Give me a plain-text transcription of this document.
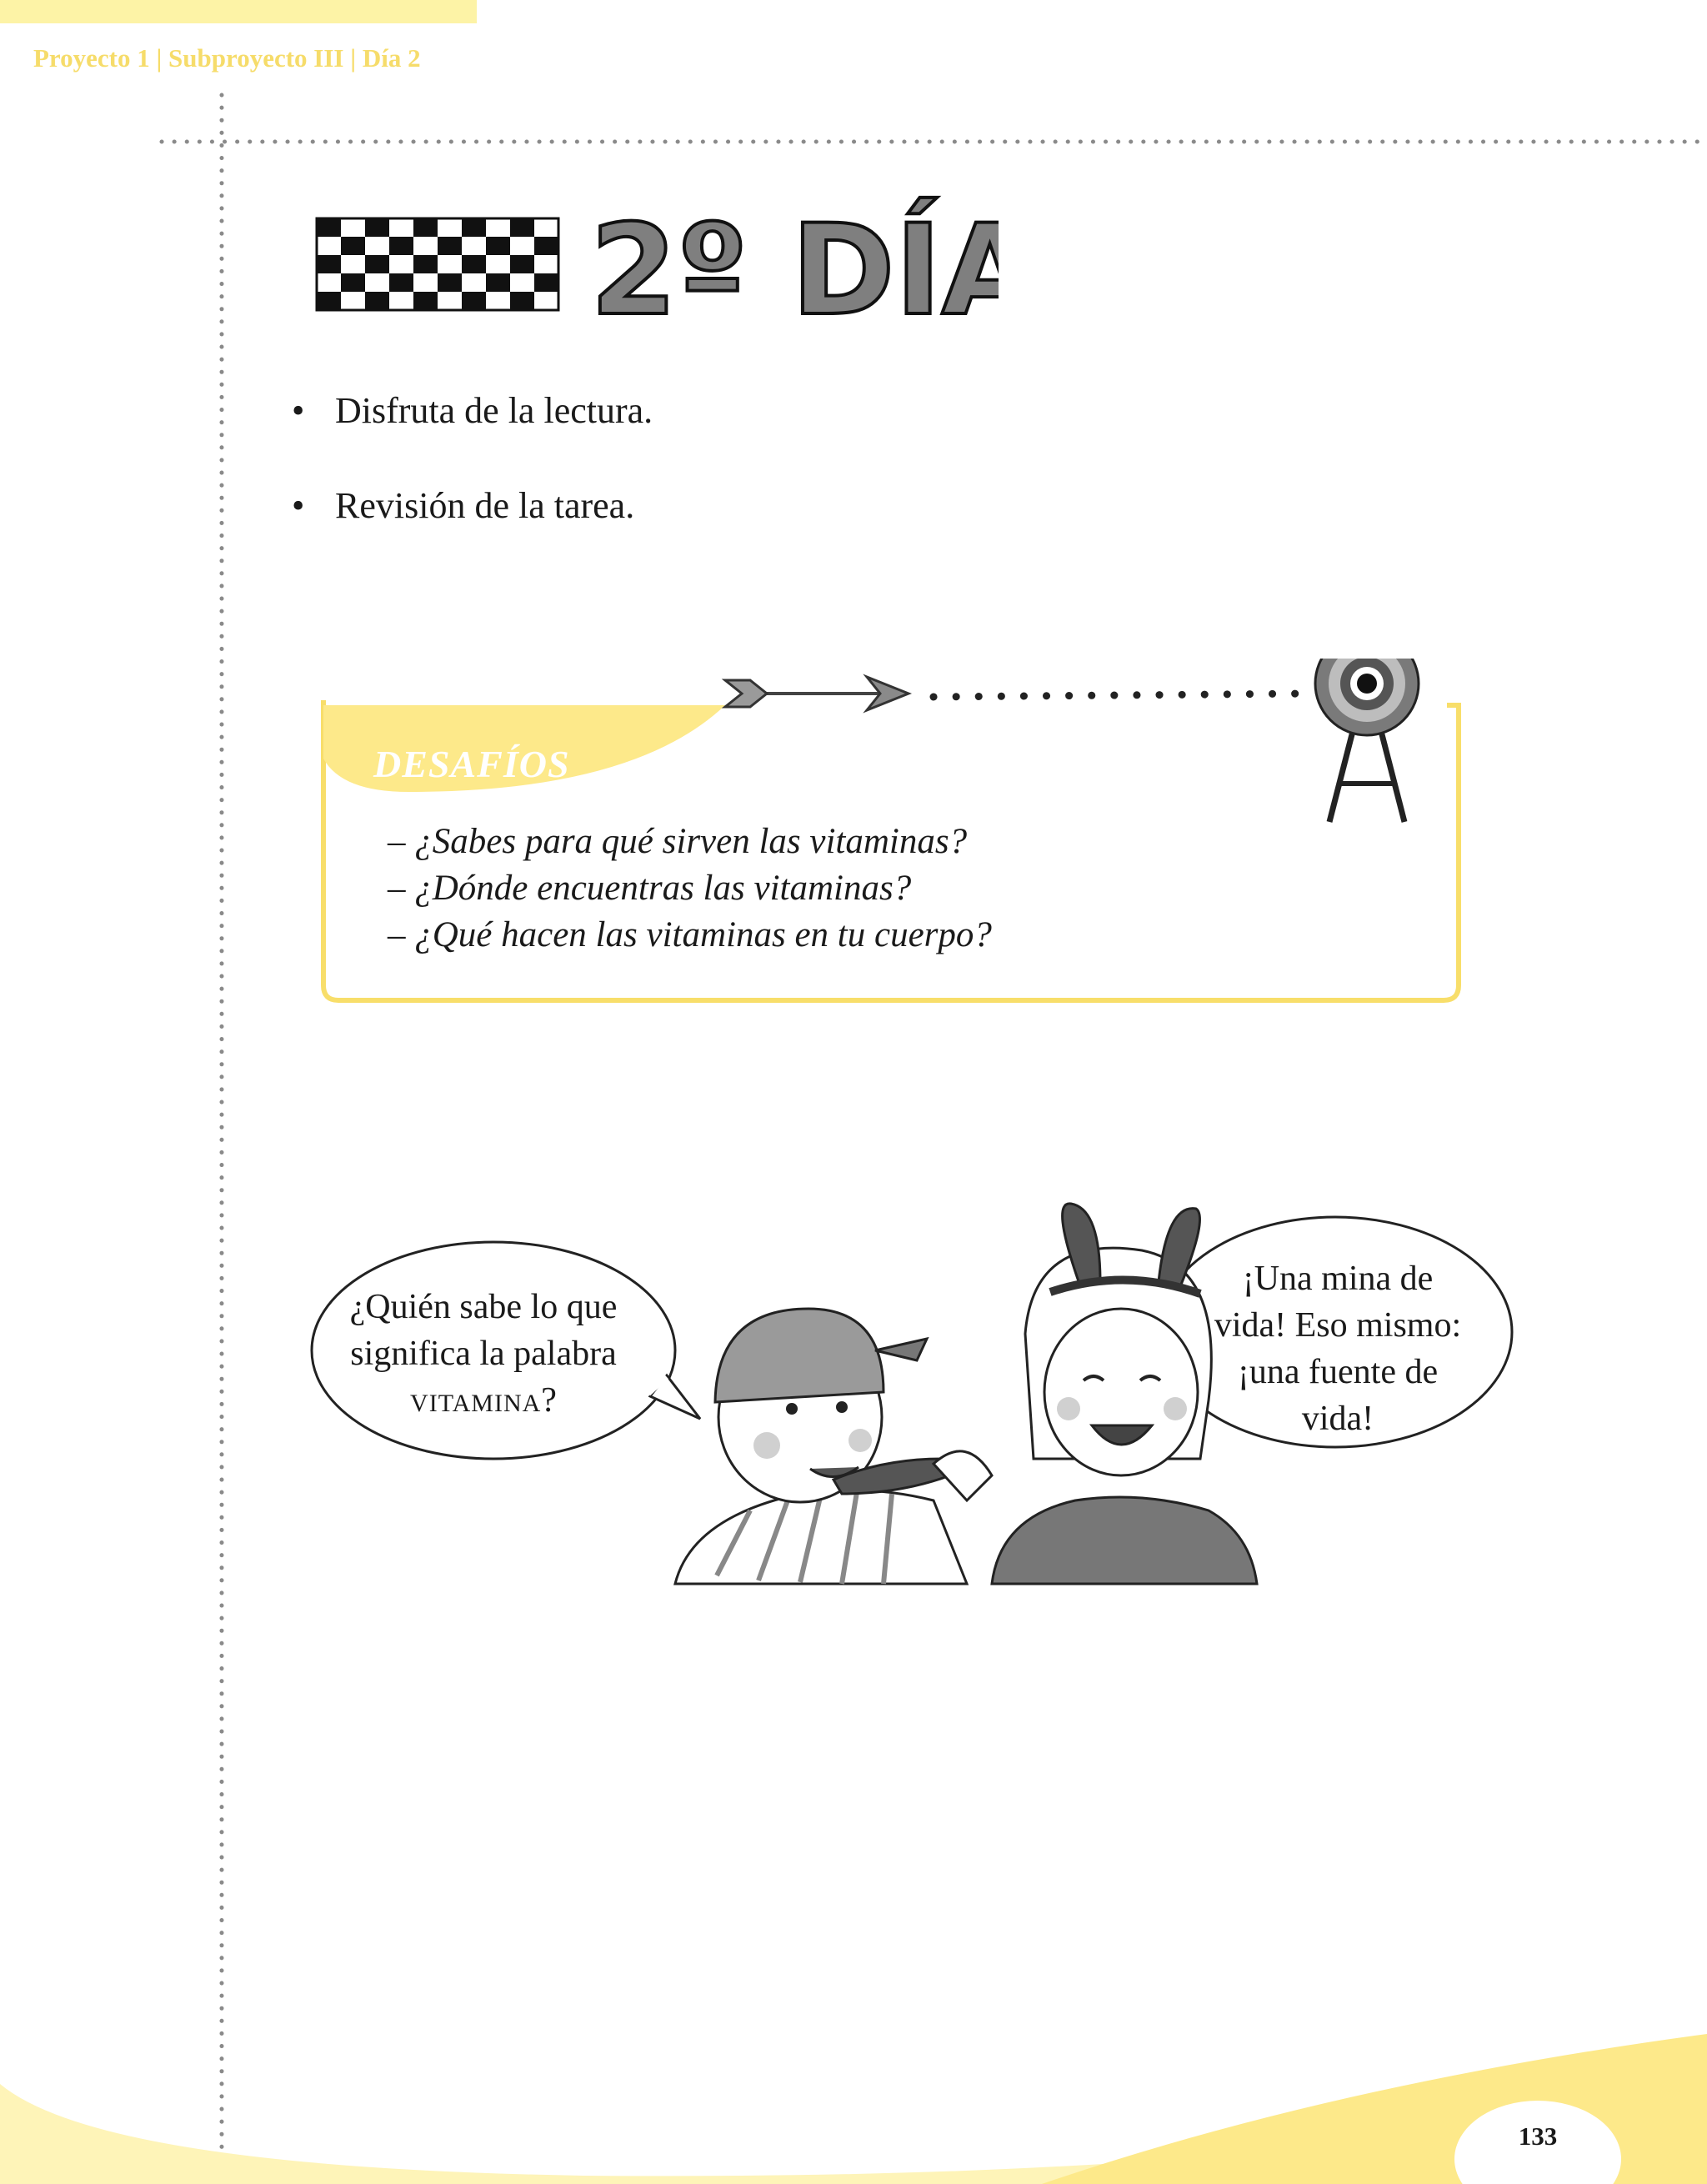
Proyecto 1 | Subproyecto III | Día 2
2º DÍA
• Disfruta de la lectura.
• Revisión de la tarea.
DESAFÍOS
– ¿Sabes para qué sirven las vitaminas?
– ¿Dónde encuentras las vitaminas?
– ¿Qué hacen las vitaminas en tu cuerpo?
¿Quién sabe lo que
significa la palabra
VITAMINA?
¡Una mina de
vida! Eso mismo:
¡una fuente de
vida!
133
